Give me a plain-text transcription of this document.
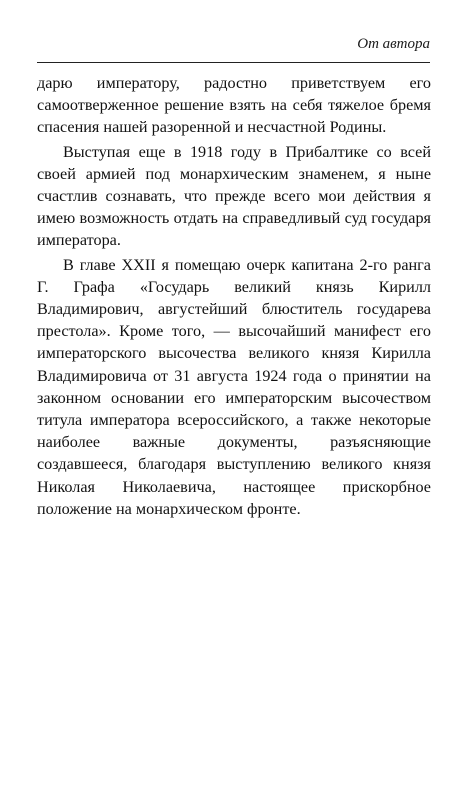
От автора

дарю императору, радостно приветствуем его самоотверженное решение взять на себя тяжелое бремя спасения нашей разоренной и несчастной Родины.

Выступая еще в 1918 году в Прибалтике со всей своей армией под монархическим знаменем, я ныне счастлив сознавать, что прежде всего мои действия я имею возможность отдать на справедливый суд государя императора.

В главе XXII я помещаю очерк капитана 2-го ранга Г. Графа «Государь великий князь Кирилл Владимирович, августейший блюститель государева престола». Кроме того, — высочайший манифест его императорского высочества великого князя Кирилла Владимировича от 31 августа 1924 года о принятии на законном основании его императорским высочеством титула императора всероссийского, а также некоторые наиболее важные документы, разъясняющие создавшееся, благодаря выступлению великого князя Николая Николаевича, настоящее прискорбное положение на монархическом фронте.
